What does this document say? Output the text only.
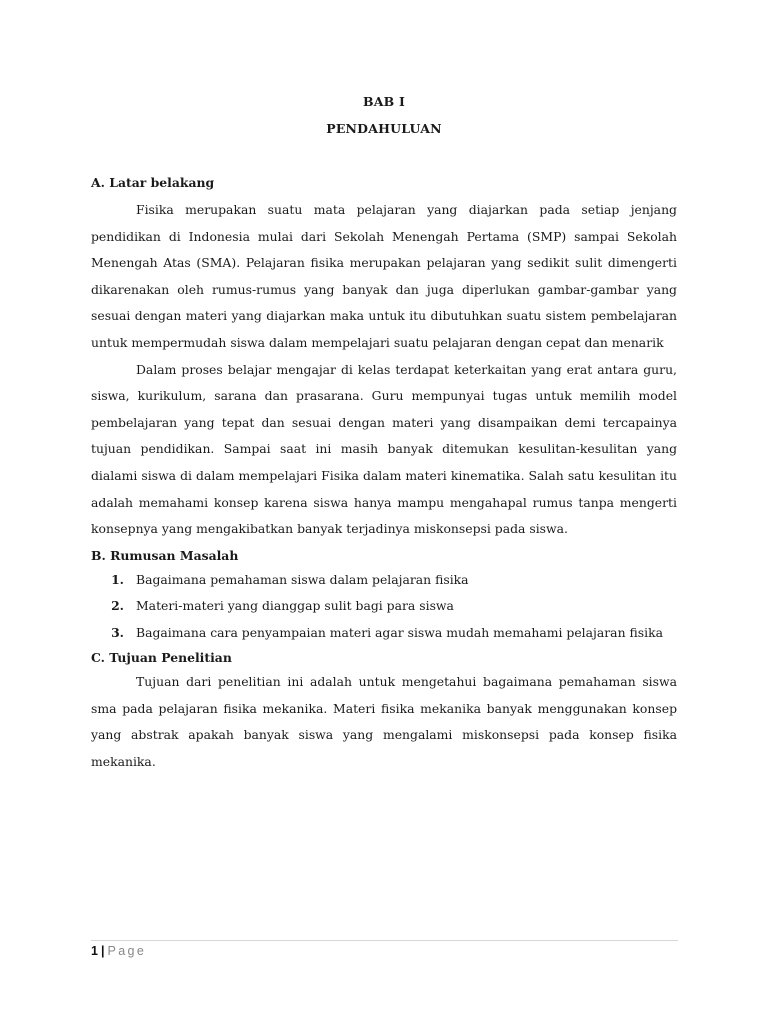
BAB I
PENDAHULUAN
A. Latar belakang

Fisika merupakan suatu mata pelajaran yang diajarkan pada setiap jenjang pendidikan di Indonesia mulai dari Sekolah Menengah Pertama (SMP) sampai Sekolah Menengah Atas (SMA). Pelajaran fisika merupakan pelajaran yang sedikit sulit dimengerti dikarenakan oleh rumus-rumus yang banyak dan juga diperlukan gambar-gambar yang sesuai dengan materi yang diajarkan maka untuk itu dibutuhkan suatu sistem pembelajaran untuk mempermudah siswa dalam mempelajari suatu pelajaran dengan cepat dan menarik

Dalam proses belajar mengajar di kelas terdapat keterkaitan yang erat antara guru, siswa, kurikulum, sarana dan prasarana. Guru mempunyai tugas untuk memilih model pembelajaran yang tepat dan sesuai dengan materi yang disampaikan demi tercapainya tujuan pendidikan. Sampai saat ini masih banyak ditemukan kesulitan-kesulitan yang dialami siswa di dalam mempelajari Fisika dalam materi kinematika. Salah satu kesulitan itu adalah memahami konsep karena siswa hanya mampu mengahapal rumus tanpa mengerti konsepnya yang mengakibatkan banyak terjadinya miskonsepsi pada siswa.

B. Rumusan Masalah
1. Bagaimana pemahaman siswa dalam pelajaran fisika
2. Materi-materi yang dianggap sulit bagi para siswa
3. Bagaimana cara penyampaian materi agar siswa mudah memahami pelajaran fisika
C. Tujuan Penelitian

Tujuan dari penelitian ini adalah untuk mengetahui bagaimana pemahaman siswa sma pada pelajaran fisika mekanika. Materi fisika mekanika banyak menggunakan konsep yang abstrak apakah banyak siswa yang mengalami miskonsepsi pada konsep fisika mekanika.

1 | Page
